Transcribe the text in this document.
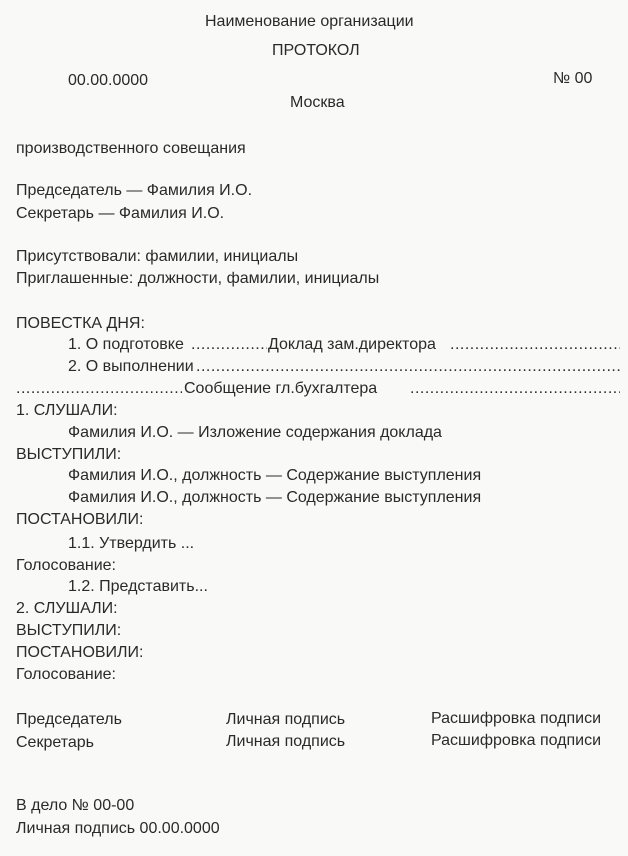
Наименование организации
ПРОТОКОЛ
00.00.0000	№ 00
Москва
производственного совещания
Председатель — Фамилия И.О.
Секретарь — Фамилия И.О.
Присутствовали: фамилии, инициалы
Приглашенные: должности, фамилии, инициалы
ПОВЕСТКА ДНЯ:
1. О подготовке
.....	Доклад зам.директора
.....
2. О выполнении
.....
.....
Сообщение гл.бухгалтера
.....
1. СЛУШАЛИ:
Фамилия И.О. — Изложение содержания доклада
ВЫСТУПИЛИ:
Фамилия И.О., должность — Содержание выступления
Фамилия И.О., должность — Содержание выступления
ПОСТАНОВИЛИ:
1.1. Утвердить ...
Голосование:
1.2. Представить...
2. СЛУШАЛИ:
ВЫСТУПИЛИ:
ПОСТАНОВИЛИ:
Голосование:
Председатель	Личная подпись	Расшифровка подписи
Секретарь	Личная подпись	Расшифровка подписи
В дело № 00-00
Личная подпись 00.00.0000
